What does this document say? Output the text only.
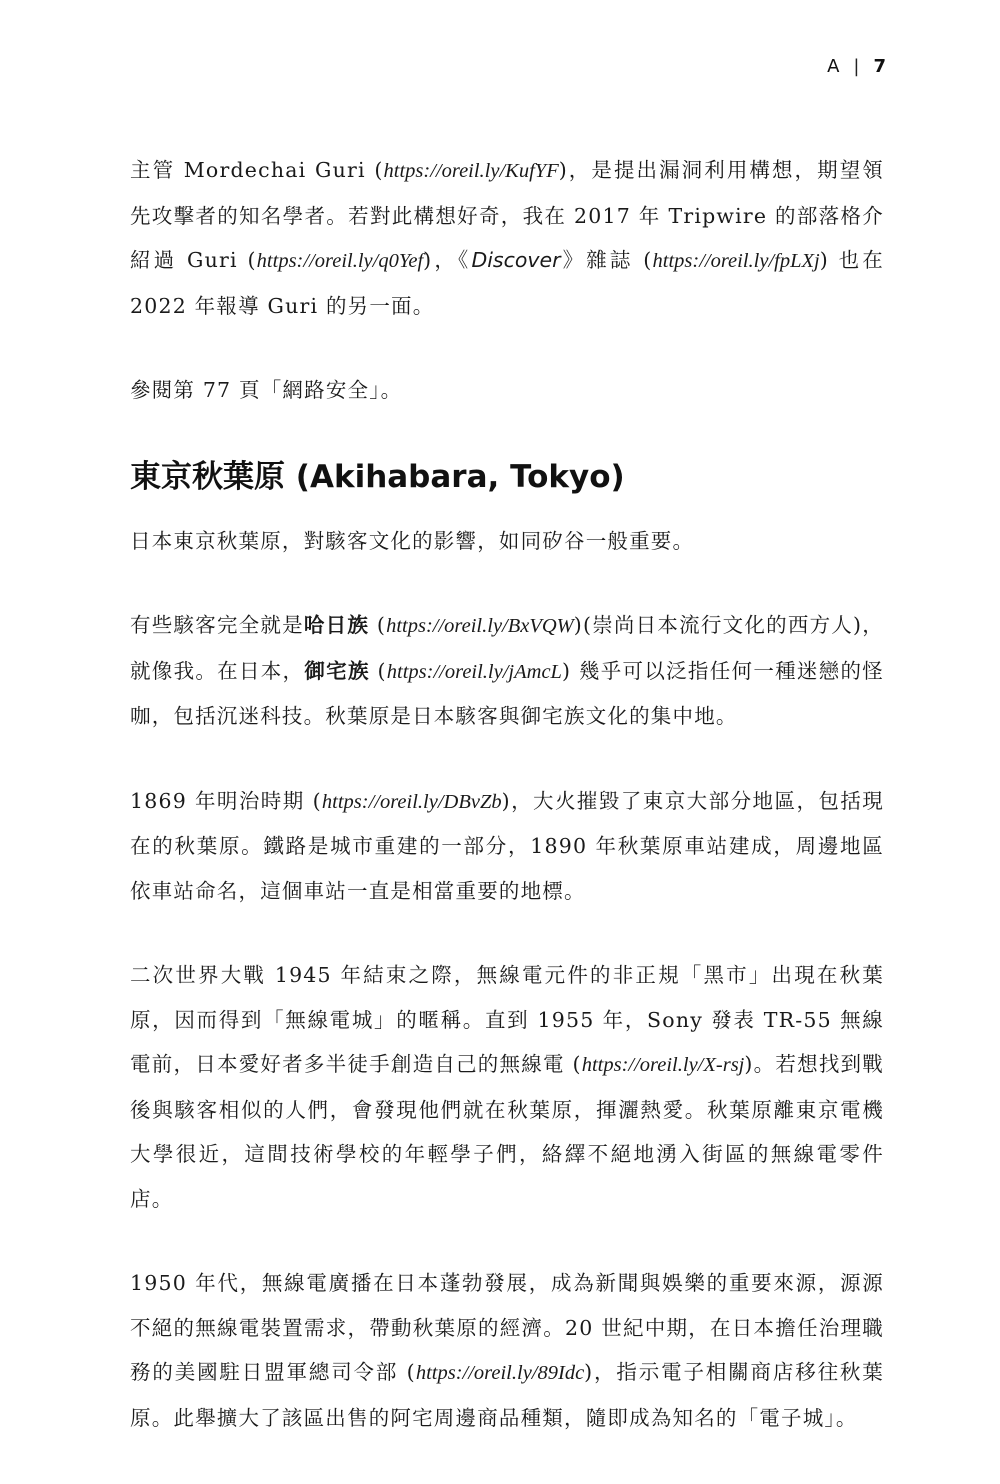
A | 7

主管 Mordechai Guri (https://oreil.ly/KufYF)，是提出漏洞利用構想，期望領先攻擊者的知名學者。若對此構想好奇，我在 2017 年 Tripwire 的部落格介紹過 Guri (https://oreil.ly/q0Yef)，《Discover》雜誌 (https://oreil.ly/fpLXj) 也在 2022 年報導 Guri 的另一面。

參閱第 77 頁「網路安全」。

東京秋葉原 (Akihabara, Tokyo)

日本東京秋葉原，對駭客文化的影響，如同矽谷一般重要。

有些駭客完全就是哈日族 (https://oreil.ly/BxVQW)(崇尚日本流行文化的西方人)，就像我。在日本，御宅族 (https://oreil.ly/jAmcL) 幾乎可以泛指任何一種迷戀的怪咖，包括沉迷科技。秋葉原是日本駭客與御宅族文化的集中地。

1869 年明治時期 (https://oreil.ly/DBvZb)，大火摧毀了東京大部分地區，包括現在的秋葉原。鐵路是城市重建的一部分，1890 年秋葉原車站建成，周邊地區依車站命名，這個車站一直是相當重要的地標。

二次世界大戰 1945 年結束之際，無線電元件的非正規「黑市」出現在秋葉原，因而得到「無線電城」的暱稱。直到 1955 年，Sony 發表 TR-55 無線電前，日本愛好者多半徒手創造自己的無線電 (https://oreil.ly/X-rsj)。若想找到戰後與駭客相似的人們，會發現他們就在秋葉原，揮灑熱愛。秋葉原離東京電機大學很近，這間技術學校的年輕學子們，絡繹不絕地湧入街區的無線電零件店。

1950 年代，無線電廣播在日本蓬勃發展，成為新聞與娛樂的重要來源，源源不絕的無線電裝置需求，帶動秋葉原的經濟。20 世紀中期，在日本擔任治理職務的美國駐日盟軍總司令部 (https://oreil.ly/89Idc)，指示電子相關商店移往秋葉原。此舉擴大了該區出售的阿宅周邊商品種類，隨即成為知名的「電子城」。
